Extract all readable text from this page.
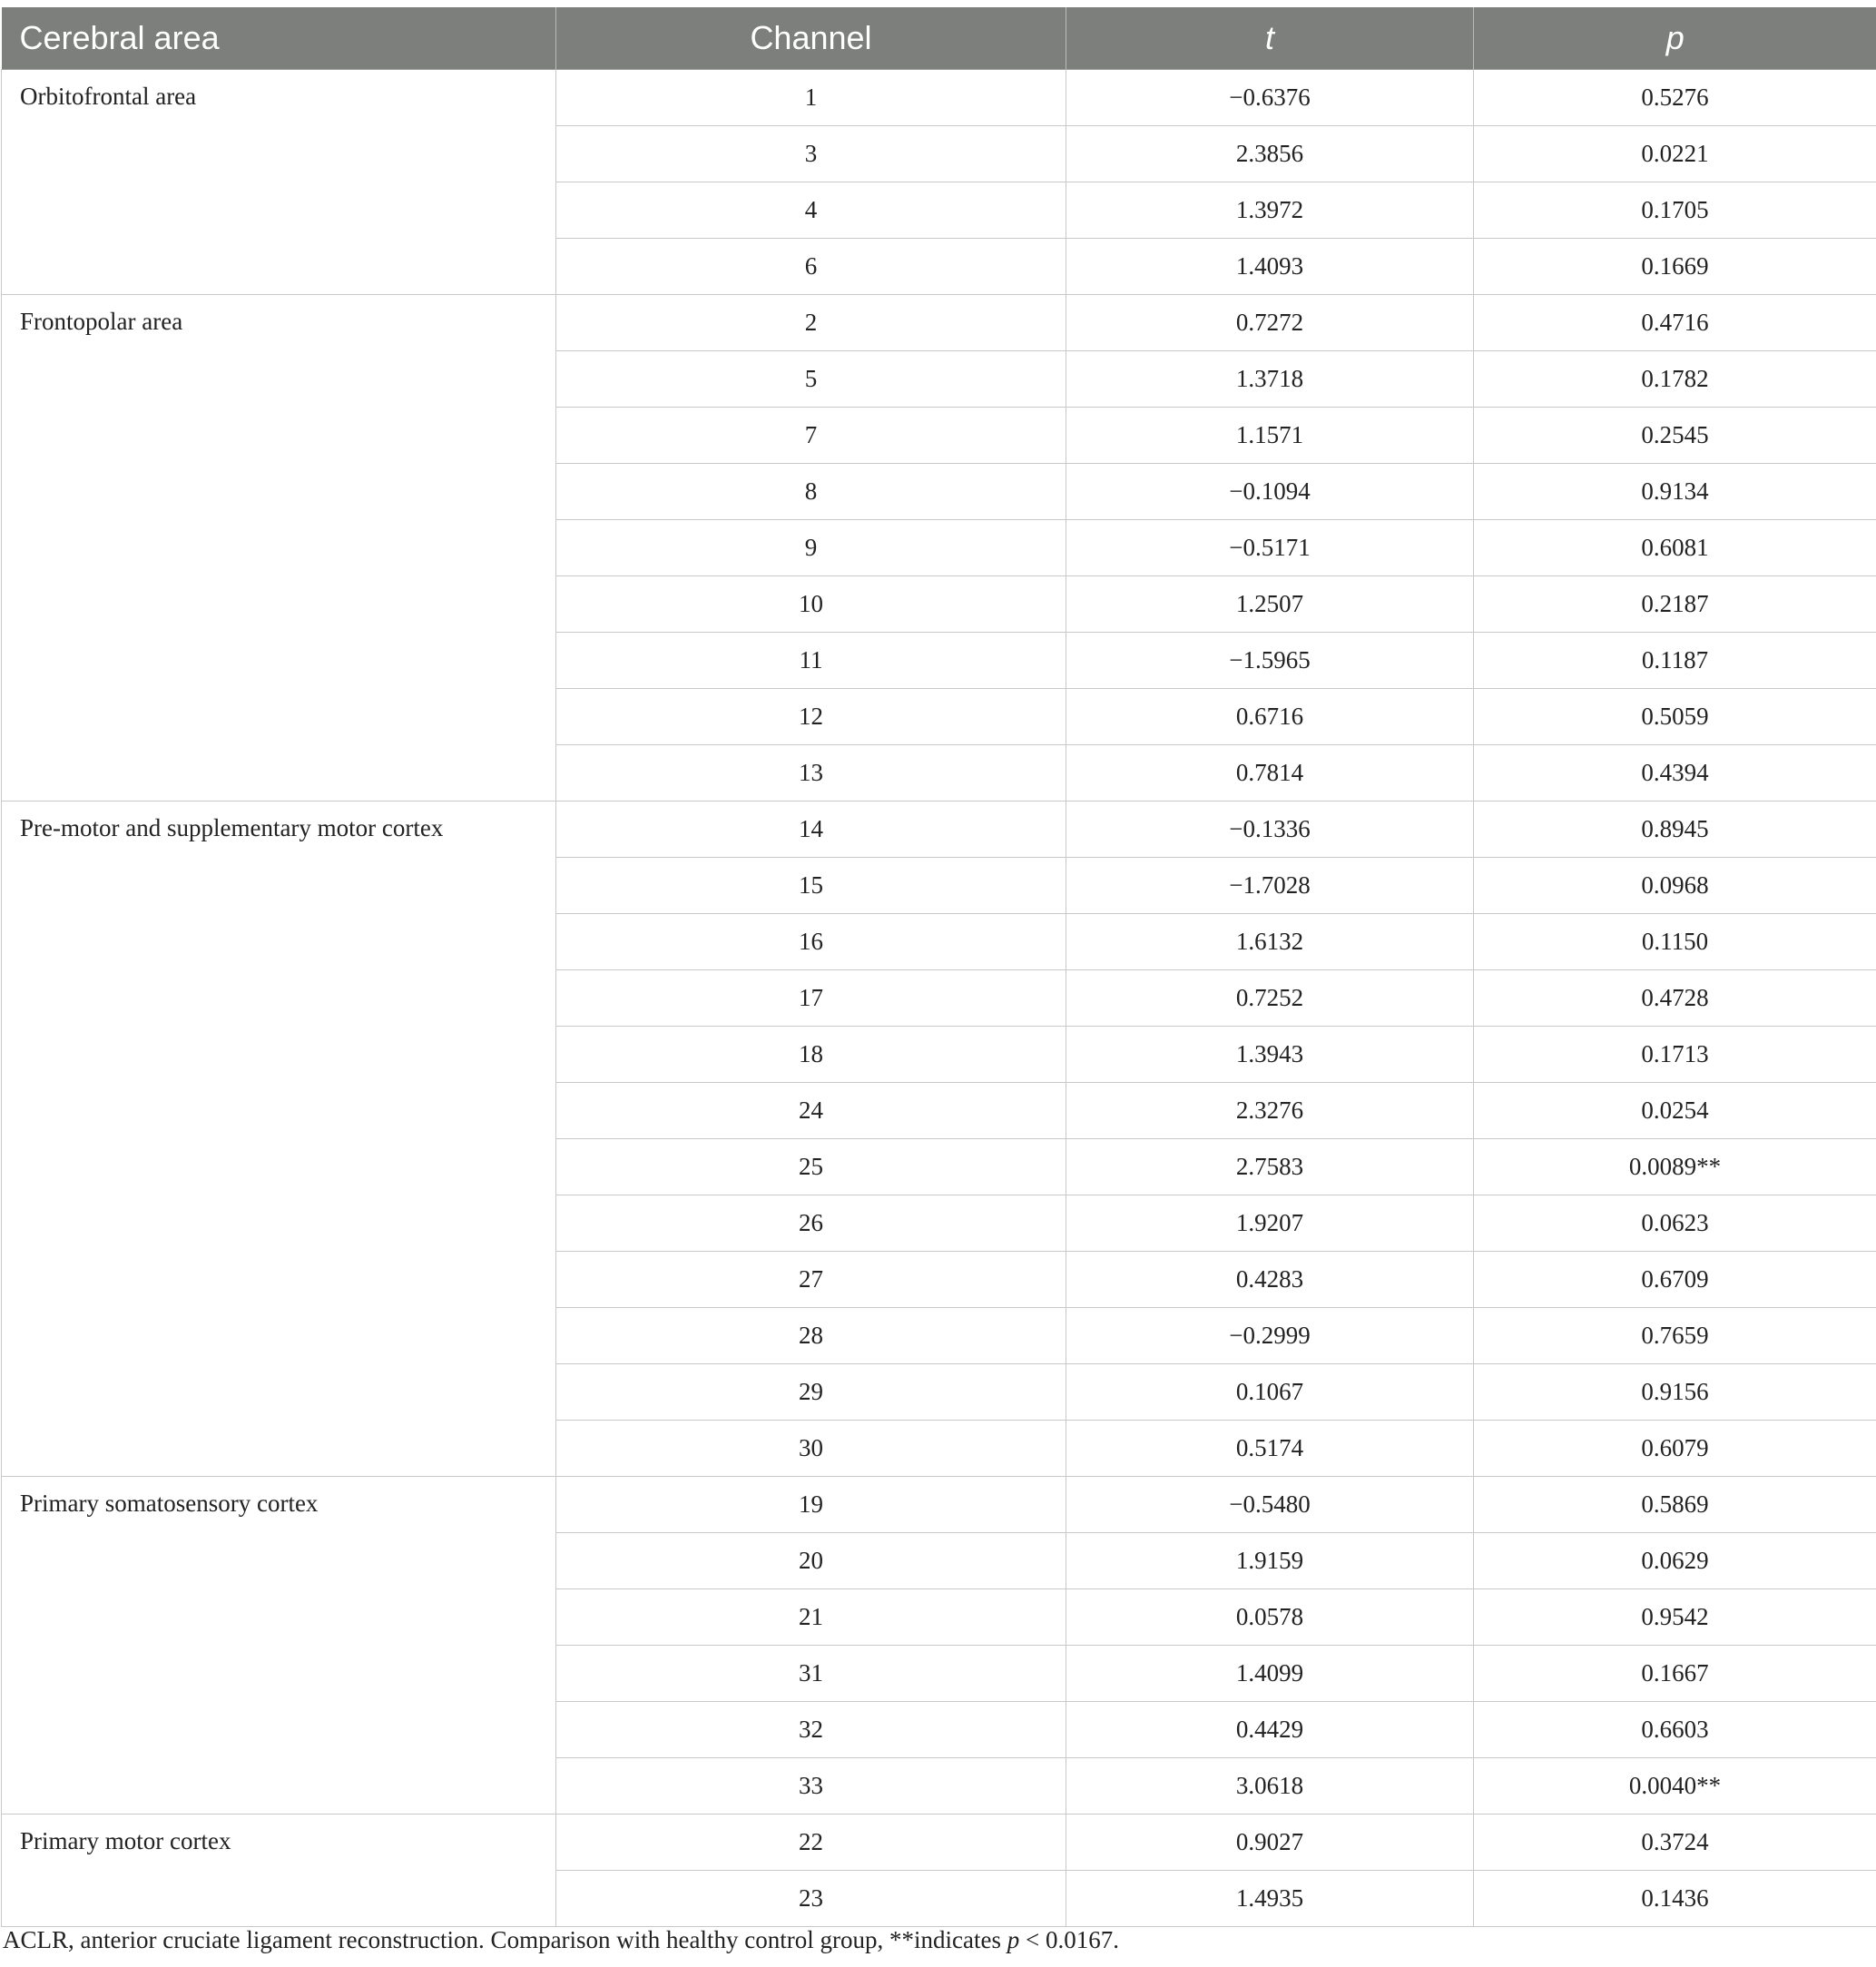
Cerebral area	Channel	t	p
Orbitofrontal area	1	−0.6376	0.5276
	3	2.3856	0.0221
	4	1.3972	0.1705
	6	1.4093	0.1669
Frontopolar area	2	0.7272	0.4716
	5	1.3718	0.1782
	7	1.1571	0.2545
	8	−0.1094	0.9134
	9	−0.5171	0.6081
	10	1.2507	0.2187
	11	−1.5965	0.1187
	12	0.6716	0.5059
	13	0.7814	0.4394
Pre-motor and supplementary motor cortex	14	−0.1336	0.8945
	15	−1.7028	0.0968
	16	1.6132	0.1150
	17	0.7252	0.4728
	18	1.3943	0.1713
	24	2.3276	0.0254
	25	2.7583	0.0089**
	26	1.9207	0.0623
	27	0.4283	0.6709
	28	−0.2999	0.7659
	29	0.1067	0.9156
	30	0.5174	0.6079
Primary somatosensory cortex	19	−0.5480	0.5869
	20	1.9159	0.0629
	21	0.0578	0.9542
	31	1.4099	0.1667
	32	0.4429	0.6603
	33	3.0618	0.0040**
Primary motor cortex	22	0.9027	0.3724
	23	1.4935	0.1436
ACLR, anterior cruciate ligament reconstruction. Comparison with healthy control group, **indicates p < 0.0167.
